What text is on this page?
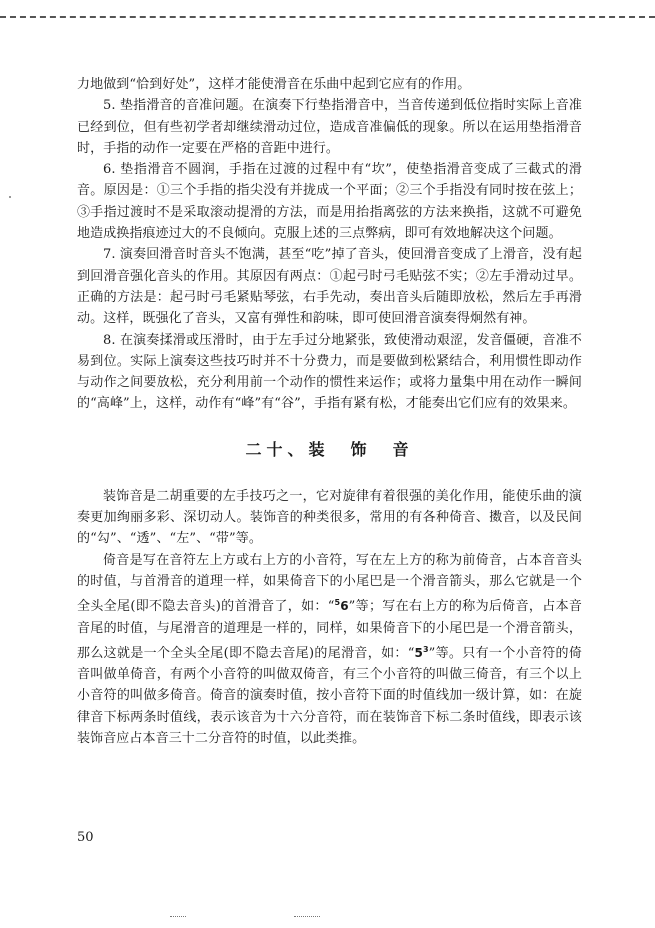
力地做到“恰到好处”，这样才能使滑音在乐曲中起到它应有的作用。

5. 垫指滑音的音准问题。在演奏下行垫指滑音中，当音传递到低位指时实际上音准已经到位，但有些初学者却继续滑动过位，造成音准偏低的现象。所以在运用垫指滑音时，手指的动作一定要在严格的音距中进行。

6. 垫指滑音不圆润，手指在过渡的过程中有“坎”，使垫指滑音变成了三截式的滑音。原因是：①三个手指的指尖没有并拢成一个平面；②三个手指没有同时按在弦上；③手指过渡时不是采取滚动提滑的方法，而是用抬指离弦的方法来换指，这就不可避免地造成换指痕迹过大的不良倾向。克服上述的三点弊病，即可有效地解决这个问题。

7. 演奏回滑音时音头不饱满，甚至“吃”掉了音头，使回滑音变成了上滑音，没有起到回滑音强化音头的作用。其原因有两点：①起弓时弓毛贴弦不实；②左手滑动过早。正确的方法是：起弓时弓毛紧贴琴弦，右手先动，奏出音头后随即放松，然后左手再滑动。这样，既强化了音头，又富有弹性和韵味，即可使回滑音演奏得炯然有神。

8. 在演奏揉滑或压滑时，由于左手过分地紧张，致使滑动艰涩，发音僵硬，音准不易到位。实际上演奏这些技巧时并不十分费力，而是要做到松紧结合，利用惯性即动作与动作之间要放松，充分利用前一个动作的惯性来运作；或将力量集中用在动作一瞬间的“高峰”上，这样，动作有“峰”有“谷”，手指有紧有松，才能奏出它们应有的效果来。

二十、装　饰　音

装饰音是二胡重要的左手技巧之一，它对旋律有着很强的美化作用，能使乐曲的演奏更加绚丽多彩、深切动人。装饰音的种类很多，常用的有各种倚音、擞音，以及民间的“勾”、“透”、“左”、“带”等。

倚音是写在音符左上方或右上方的小音符，写在左上方的称为前倚音，占本音音头的时值，与首滑音的道理一样，如果倚音下的小尾巴是一个滑音箭头，那么它就是一个全头全尾(即不隐去音头)的首滑音了，如：“$^5$6”等；写在右上方的称为后倚音，占本音音尾的时值，与尾滑音的道理是一样的，同样，如果倚音下的小尾巴是一个滑音箭头，那么这就是一个全头全尾(即不隐去音尾)的尾滑音，如：“$5^3$”等。只有一个小音符的倚音叫做单倚音，有两个小音符的叫做双倚音，有三个小音符的叫做三倚音，有三个以上小音符的叫做多倚音。倚音的演奏时值，按小音符下面的时值线加一级计算，如：在旋律音下标两条时值线，表示该音为十六分音符，而在装饰音下标二条时值线，即表示该装饰音应占本音三十二分音符的时值，以此类推。

50
